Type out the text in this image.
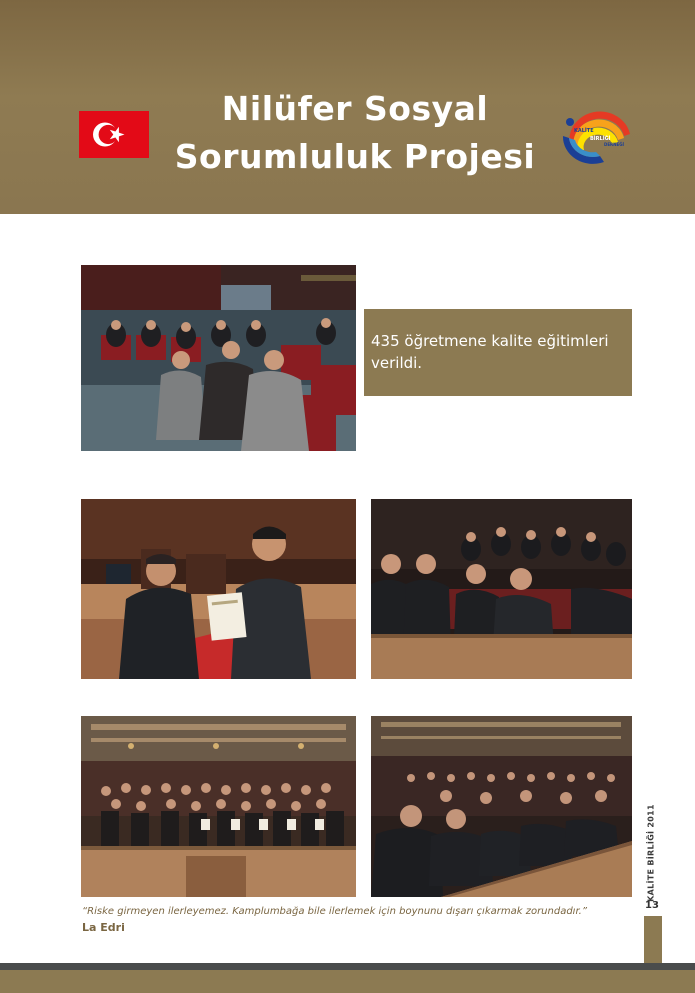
Nilüfer Sosyal
Sorumluluk Projesi
KALİTE
BİRLİĞİ
DERNEĞİ
435 öğretmene kalite eğitimleri verildi.
KALİTE BİRLİĞİ 2011
13
“Riske girmeyen ilerleyemez. Kamplumbağa bile ilerlemek için boynunu dışarı çıkarmak zorundadır.”
La Edri
